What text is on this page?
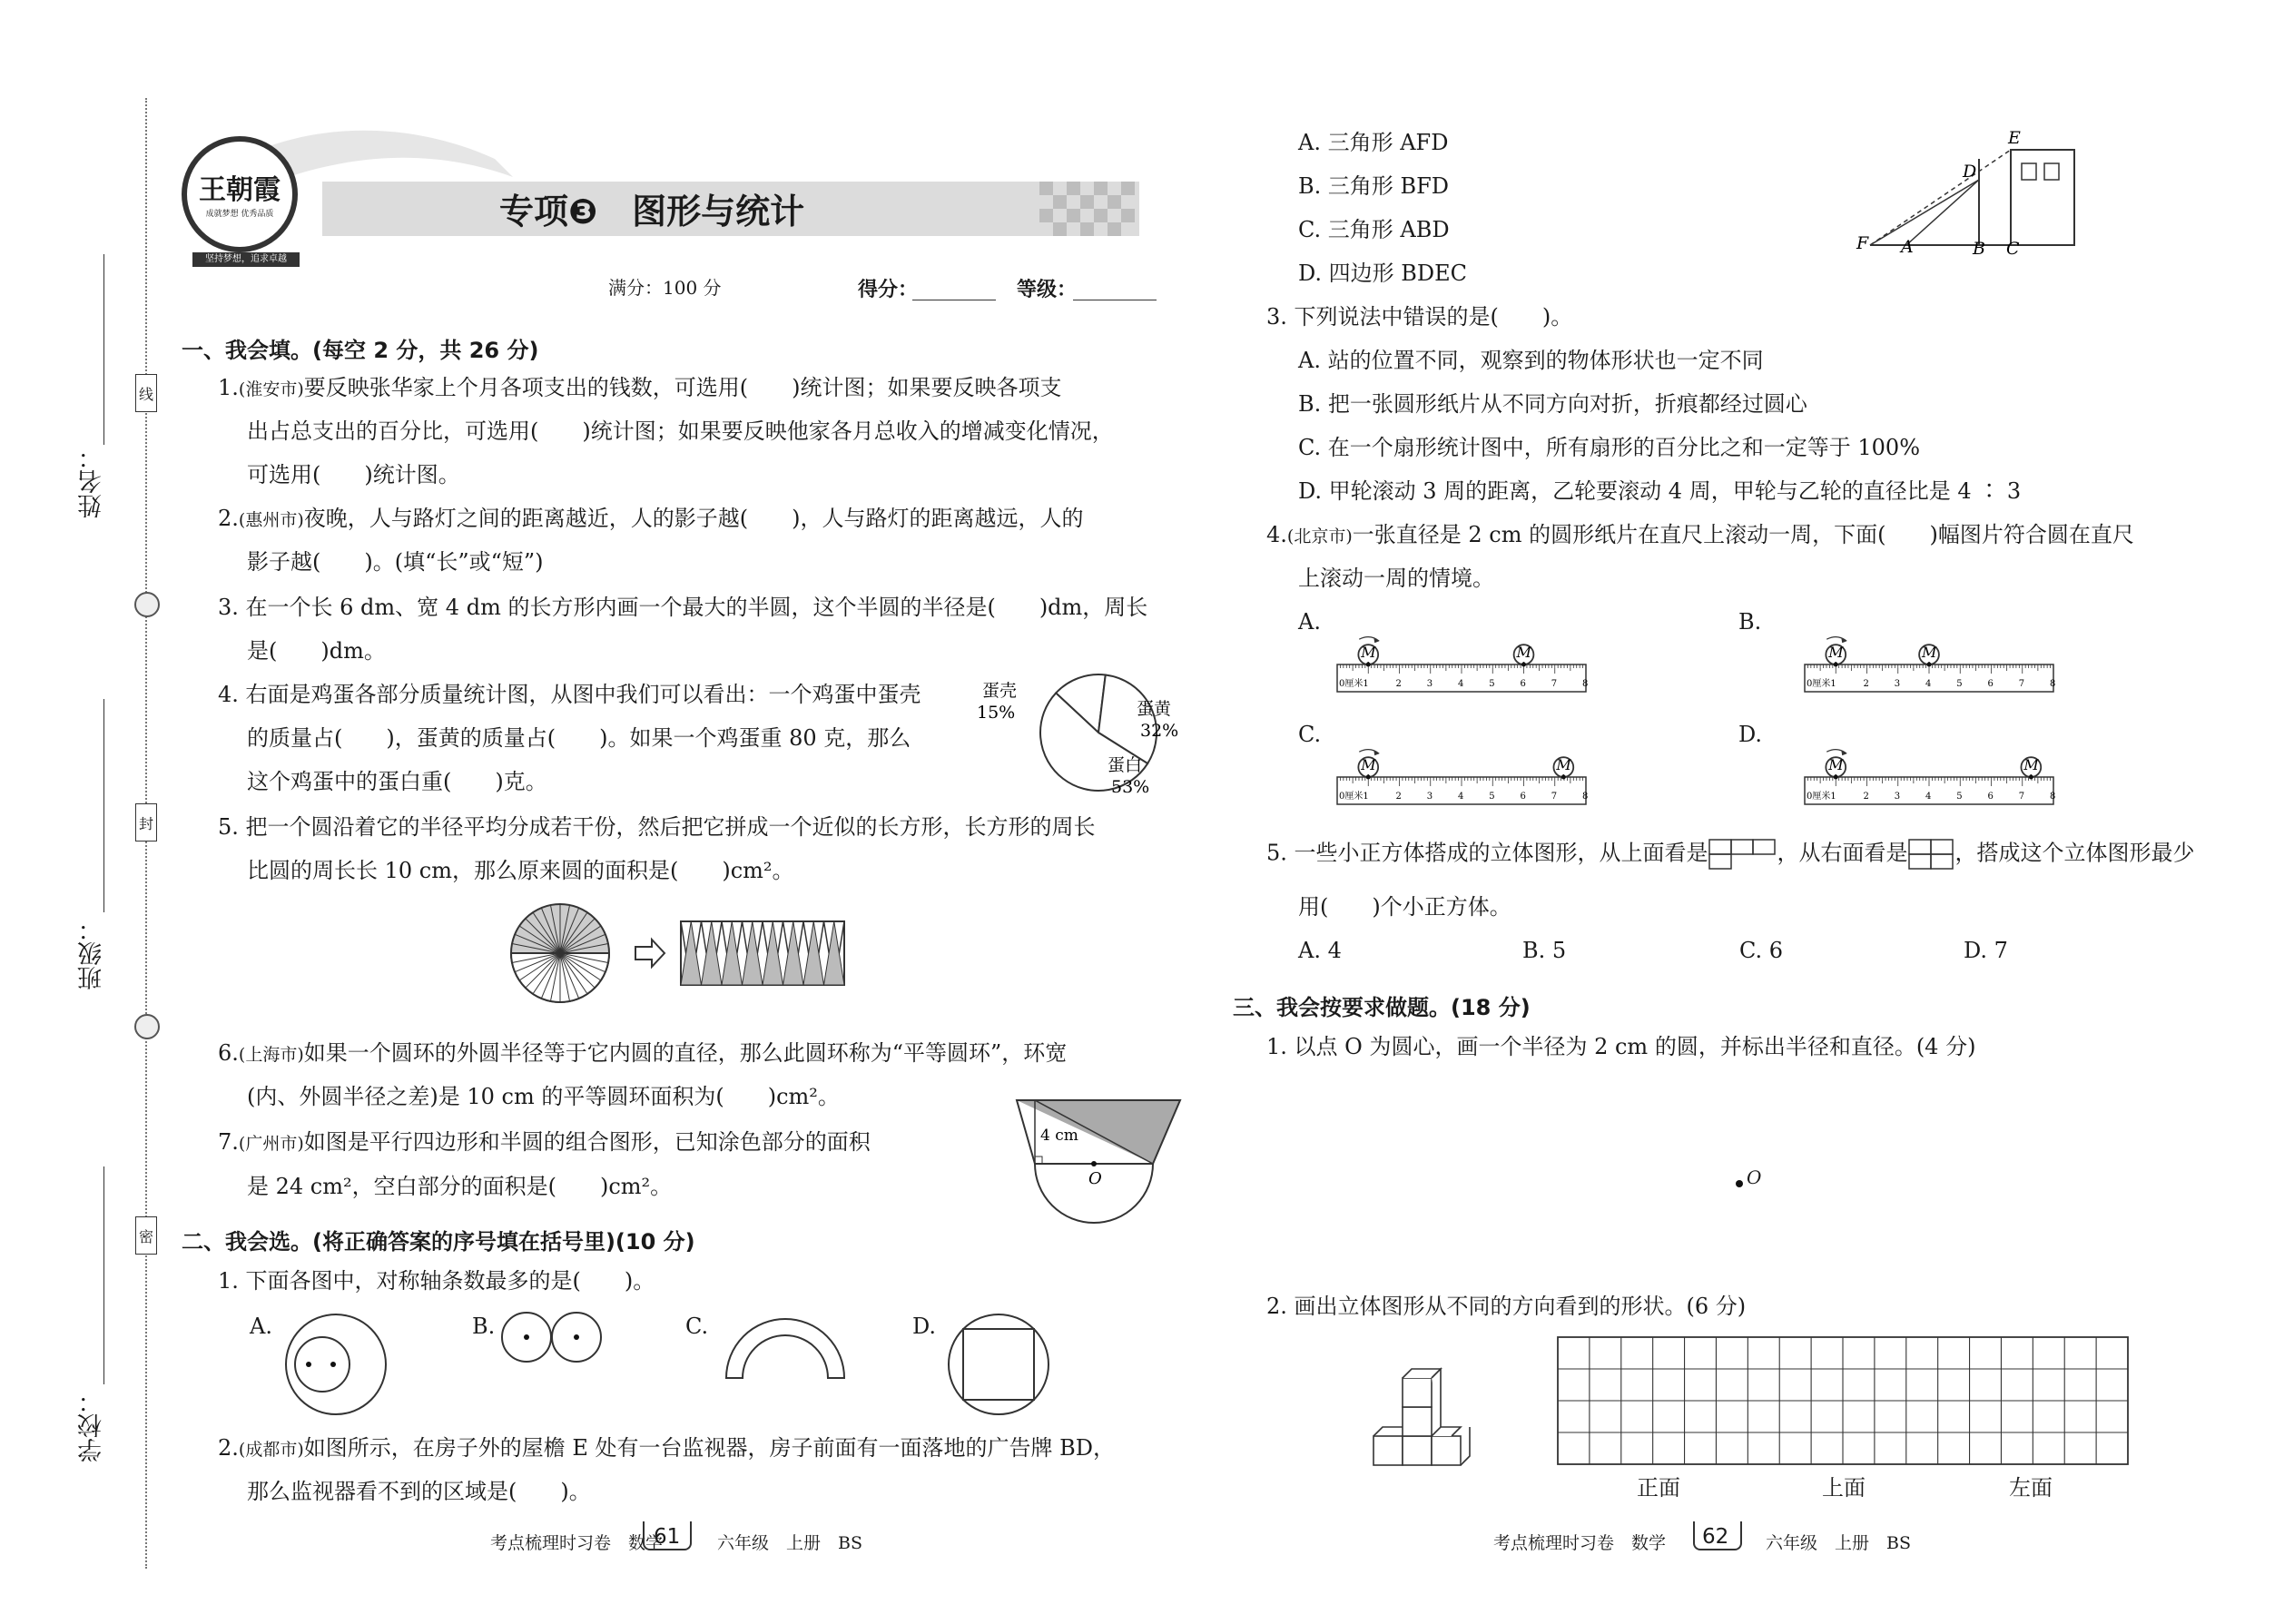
姓名：
班级：
学校：
线
封
密
王朝霞
成就梦想 优秀品质
坚持梦想，追求卓越
专项❸　图形与统计
满分：100 分	得分：	等级：
一、我会填。(每空 2 分，共 26 分)
1.(淮安市)要反映张华家上个月各项支出的钱数，可选用(　　)统计图；如果要反映各项支
出占总支出的百分比，可选用(　　)统计图；如果要反映他家各月总收入的增减变化情况，
可选用(　　)统计图。
2.(惠州市)夜晚，人与路灯之间的距离越近，人的影子越(　　)，人与路灯的距离越远，人的
影子越(　　)。(填“长”或“短”)
3. 在一个长 6 dm、宽 4 dm 的长方形内画一个最大的半圆，这个半圆的半径是(　　)dm，周长
是(　　)dm。
4. 右面是鸡蛋各部分质量统计图，从图中我们可以看出：一个鸡蛋中蛋壳
的质量占(　　)，蛋黄的质量占(　　)。如果一个鸡蛋重 80 克，那么
这个鸡蛋中的蛋白重(　　)克。
蛋壳
15%	蛋黄
32%
蛋白
53%
5. 把一个圆沿着它的半径平均分成若干份，然后把它拼成一个近似的长方形，长方形的周长
比圆的周长长 10 cm，那么原来圆的面积是(　　)cm²。
6.(上海市)如果一个圆环的外圆半径等于它内圆的直径，那么此圆环称为“平等圆环”，环宽
(内、外圆半径之差)是 10 cm 的平等圆环面积为(　　)cm²。
7.(广州市)如图是平行四边形和半圆的组合图形，已知涂色部分的面积
是 24 cm²，空白部分的面积是(　　)cm²。
4 cm
O
二、我会选。(将正确答案的序号填在括号里)(10 分)
1. 下面各图中，对称轴条数最多的是(　　)。
A.	B.	C.	D.
2.(成都市)如图所示，在房子外的屋檐 E 处有一台监视器，房子前面有一面落地的广告牌 BD，
那么监视器看不到的区域是(　　)。
考点梳理时习卷　数学
61 六年级　上册　BS
A. 三角形 AFD
B. 三角形 BFD
C. 三角形 ABD
D. 四边形 BDEC
E
D
F A	B C
3. 下列说法中错误的是(　　)。
A. 站的位置不同，观察到的物体形状也一定不同
B. 把一张圆形纸片从不同方向对折，折痕都经过圆心
C. 在一个扇形统计图中，所有扇形的百分比之和一定等于 100%
D. 甲轮滚动 3 周的距离，乙轮要滚动 4 周，甲轮与乙轮的直径比是 4 ∶ 3
4.(北京市)一张直径是 2 cm 的圆形纸片在直尺上滚动一周，下面(　　)幅图片符合圆在直尺
上滚动一周的情境。
A.	B.
C.	D.
0厘米1	2	3	4	5	6	7	8
M	M
0厘米1	2	3	4	5	6	7	8
M	M
0厘米1	2	3	4	5	6	7	8
M	M
0厘米1	2	3	4	5	6	7	8
M	M
5. 一些小正方体搭成的立体图形，从上面看是	，从右面看是 ，搭成这个立体图形最少
用(　　)个小正方体。
A. 4	B. 5	C. 6	D. 7
三、我会按要求做题。(18 分)
1. 以点 O 为圆心，画一个半径为 2 cm 的圆，并标出半径和直径。(4 分)
O
2. 画出立体图形从不同的方向看到的形状。(6 分)
正面	上面	左面
考点梳理时习卷　数学 62 六年级　上册　BS
